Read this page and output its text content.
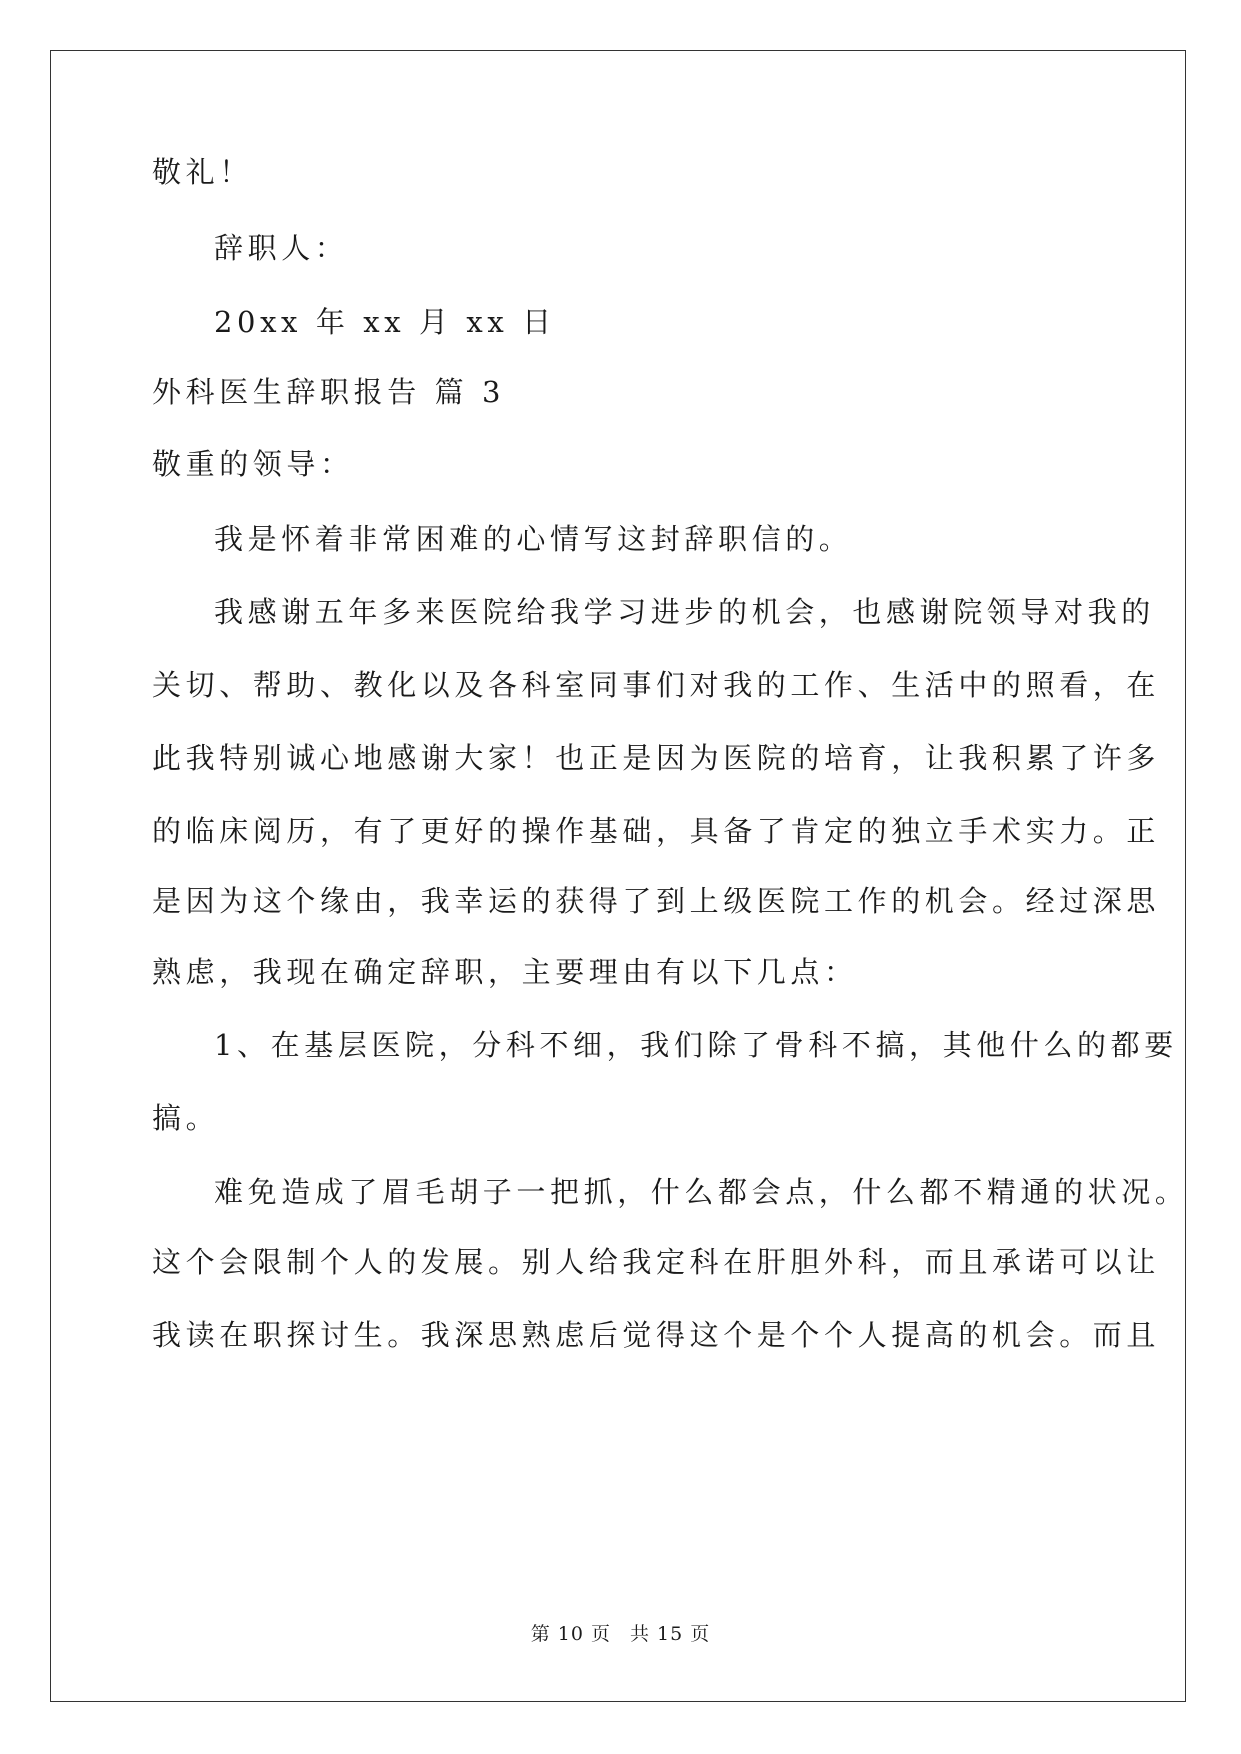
敬礼！
辞职人：
20xx 年 xx 月 xx 日
外科医生辞职报告 篇 3
敬重的领导：
我是怀着非常困难的心情写这封辞职信的。
我感谢五年多来医院给我学习进步的机会，也感谢院领导对我的
关切、帮助、教化以及各科室同事们对我的工作、生活中的照看，在
此我特别诚心地感谢大家！也正是因为医院的培育，让我积累了许多
的临床阅历，有了更好的操作基础，具备了肯定的独立手术实力。正
是因为这个缘由，我幸运的获得了到上级医院工作的机会。经过深思
熟虑，我现在确定辞职，主要理由有以下几点：
1、在基层医院，分科不细，我们除了骨科不搞，其他什么的都要
搞。
难免造成了眉毛胡子一把抓，什么都会点，什么都不精通的状况。
这个会限制个人的发展。别人给我定科在肝胆外科，而且承诺可以让
我读在职探讨生。我深思熟虑后觉得这个是个个人提高的机会。而且
第 10 页 共 15 页
